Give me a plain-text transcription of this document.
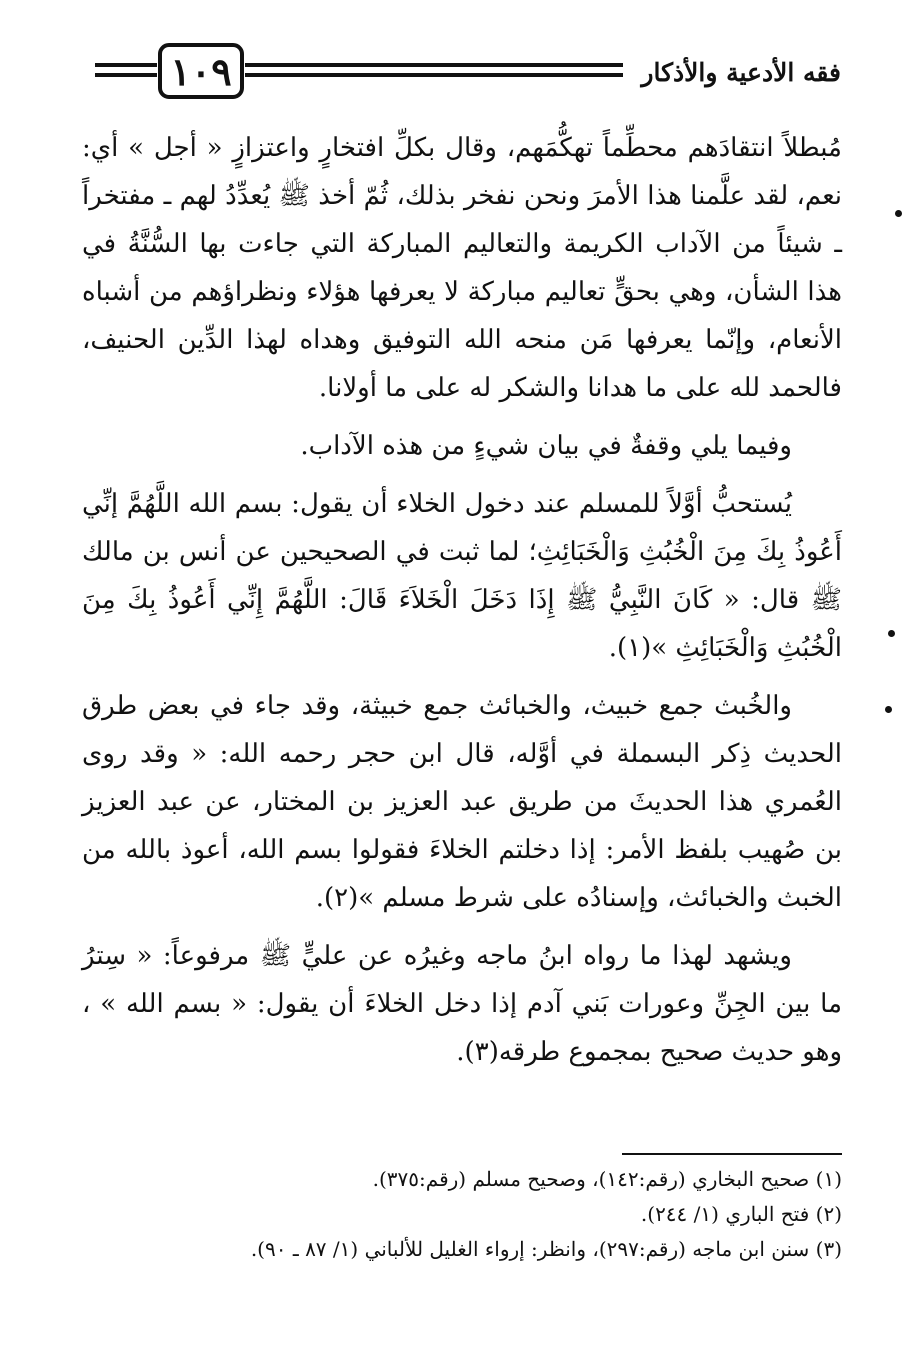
١٠٩	فقه الأدعية والأذكار

مُبطلاً انتقادَهم محطِّماً تهكُّمَهم، وقال بكلِّ افتخارٍ واعتزازٍ « أجل » أي: نعم، لقد علَّمنا هذا الأمرَ ونحن نفخر بذلك، ثُمّ أخذ ﷺ يُعدِّدُ لهم ـ مفتخراً ـ شيئاً من الآداب الكريمة والتعاليم المباركة التي جاءت بها السُّنَّةُ في هذا الشأن، وهي بحقٍّ تعاليم مباركة لا يعرفها هؤلاء ونظراؤهم من أشباه الأنعام، وإنّما يعرفها مَن منحه الله التوفيق وهداه لهذا الدِّين الحنيف، فالحمد لله على ما هدانا والشكر له على ما أولانا.

وفيما يلي وقفةٌ في بيان شيءٍ من هذه الآداب.

يُستحبُّ أوَّلاً للمسلم عند دخول الخلاء أن يقول: بسم الله اللَّهُمَّ إنِّي أَعُوذُ بِكَ مِنَ الْخُبُثِ وَالْخَبَائِثِ؛ لما ثبت في الصحيحين عن أنس بن مالك ﷺ قال: « كَانَ النَّبِيُّ ﷺ إِذَا دَخَلَ الْخَلاَءَ قَالَ: اللَّهُمَّ إِنِّي أَعُوذُ بِكَ مِنَ الْخُبُثِ وَالْخَبَائِثِ »(١).

والخُبث جمع خبيث، والخبائث جمع خبيثة، وقد جاء في بعض طرق الحديث ذِكر البسملة في أوَّله، قال ابن حجر رحمه الله: « وقد روى العُمري هذا الحديثَ من طريق عبد العزيز بن المختار، عن عبد العزيز بن صُهيب بلفظ الأمر: إذا دخلتم الخلاءَ فقولوا بسم الله، أعوذ بالله من الخبث والخبائث، وإسنادُه على شرط مسلم »(٢).

ويشهد لهذا ما رواه ابنُ ماجه وغيرُه عن عليٍّ ﷺ مرفوعاً: « سِترُ ما بين الجِنِّ وعورات بَني آدم إذا دخل الخلاءَ أن يقول: « بسم الله » ، وهو حديث صحيح بمجموع طرقه(٣).

(١) صحيح البخاري (رقم:١٤٢)، وصحيح مسلم (رقم:٣٧٥).
(٢) فتح الباري (١/ ٢٤٤).
(٣) سنن ابن ماجه (رقم:٢٩٧)، وانظر: إرواء الغليل للألباني (١/ ٨٧ ـ ٩٠).
